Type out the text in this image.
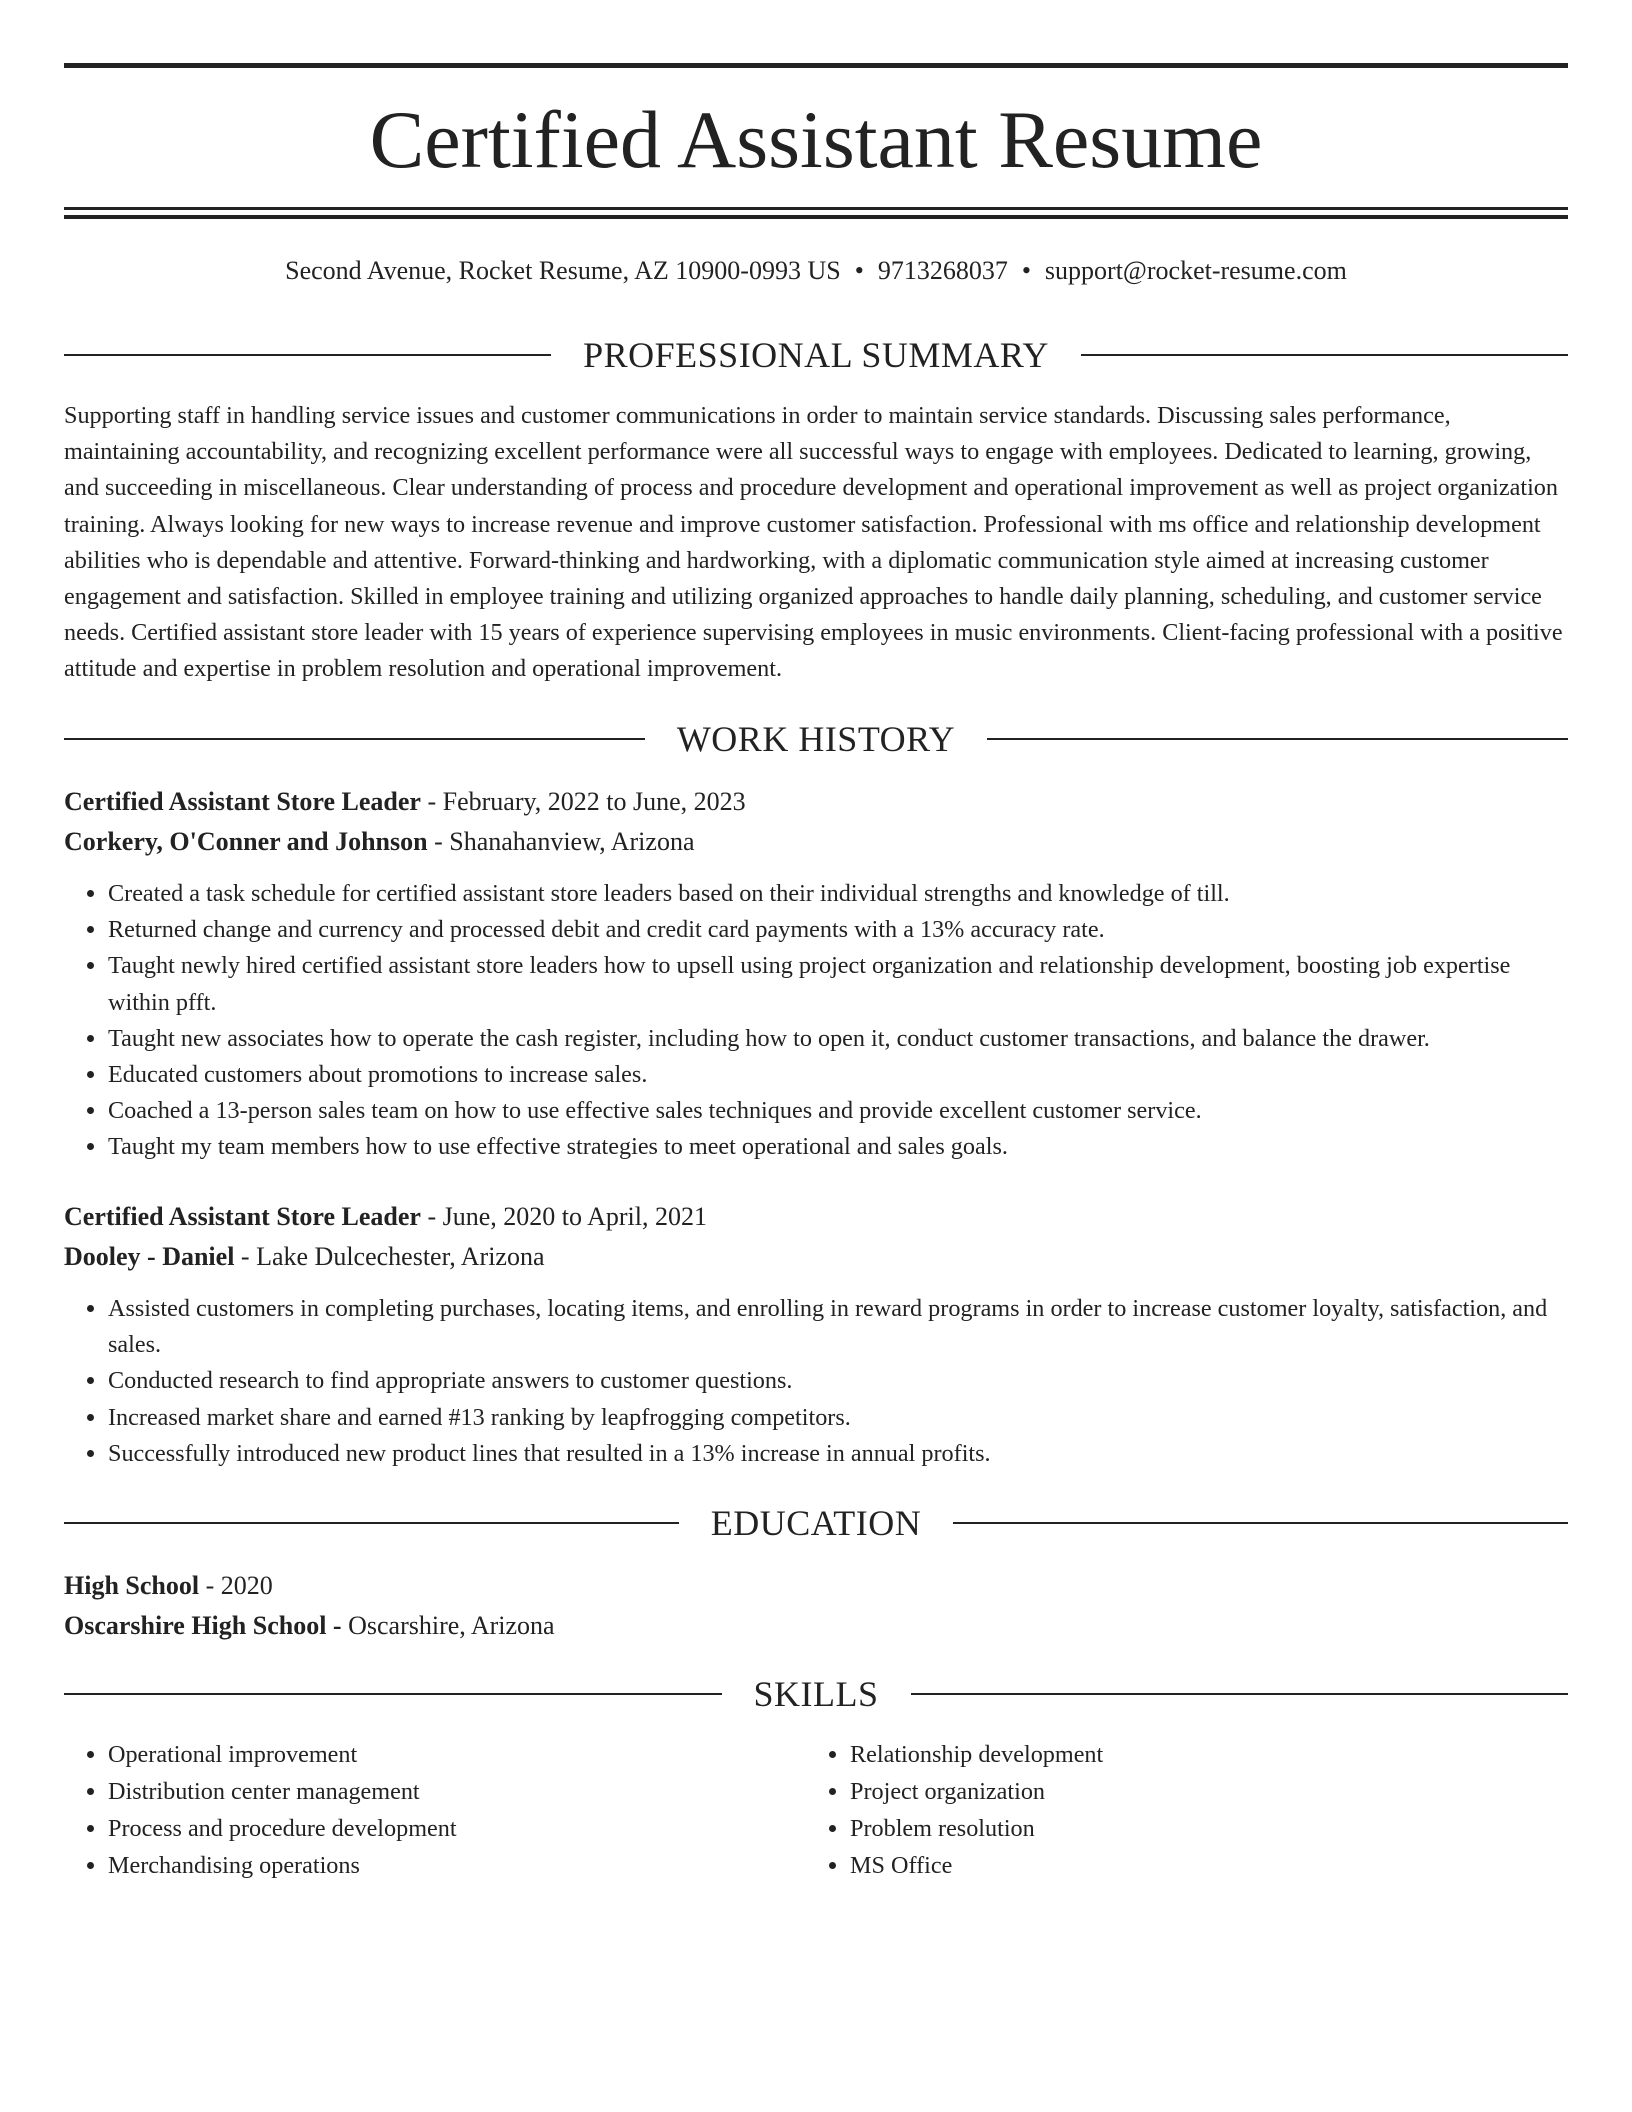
Certified Assistant Resume
Second Avenue, Rocket Resume, AZ 10900-0993 US • 9713268037 • support@rocket-resume.com
PROFESSIONAL SUMMARY

Supporting staff in handling service issues and customer communications in order to maintain service standards. Discussing sales performance, maintaining accountability, and recognizing excellent performance were all successful ways to engage with employees. Dedicated to learning, growing, and succeeding in miscellaneous. Clear understanding of process and procedure development and operational improvement as well as project organization training. Always looking for new ways to increase revenue and improve customer satisfaction. Professional with ms office and relationship development abilities who is dependable and attentive. Forward-thinking and hardworking, with a diplomatic communication style aimed at increasing customer engagement and satisfaction. Skilled in employee training and utilizing organized approaches to handle daily planning, scheduling, and customer service needs. Certified assistant store leader with 15 years of experience supervising employees in music environments. Client-facing professional with a positive attitude and expertise in problem resolution and operational improvement.

WORK HISTORY

Certified Assistant Store Leader - February, 2022 to June, 2023

Corkery, O'Conner and Johnson - Shanahanview, Arizona

• Created a task schedule for certified assistant store leaders based on their individual strengths and knowledge of till.
• Returned change and currency and processed debit and credit card payments with a 13% accuracy rate.
• Taught newly hired certified assistant store leaders how to upsell using project organization and relationship development, boosting job expertise within pfft.
• Taught new associates how to operate the cash register, including how to open it, conduct customer transactions, and balance the drawer.
• Educated customers about promotions to increase sales.
• Coached a 13-person sales team on how to use effective sales techniques and provide excellent customer service.
• Taught my team members how to use effective strategies to meet operational and sales goals.

Certified Assistant Store Leader - June, 2020 to April, 2021

Dooley - Daniel - Lake Dulcechester, Arizona

• Assisted customers in completing purchases, locating items, and enrolling in reward programs in order to increase customer loyalty, satisfaction, and sales.
• Conducted research to find appropriate answers to customer questions.
• Increased market share and earned #13 ranking by leapfrogging competitors.
• Successfully introduced new product lines that resulted in a 13% increase in annual profits.
EDUCATION

High School - 2020

Oscarshire High School - Oscarshire, Arizona

SKILLS
• Operational improvement
• Distribution center management
• Process and procedure development
• Merchandising operations
• Relationship development
• Project organization
• Problem resolution
• MS Office
